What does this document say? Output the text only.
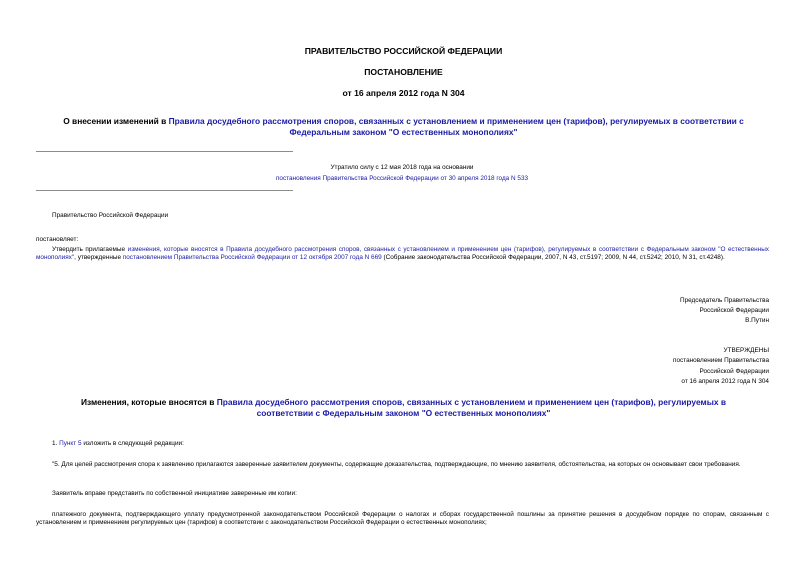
ПРАВИТЕЛЬСТВО РОССИЙСКОЙ ФЕДЕРАЦИИ
ПОСТАНОВЛЕНИЕ
от 16 апреля 2012 года N 304
О внесении изменений в Правила досудебного рассмотрения споров, связанных с установлением и применением цен (тарифов), регулируемых в соответствии с Федеральным законом "О естественных монополиях"
Утратило силу с 12 мая 2018 года на основании
постановления Правительства Российской Федерации от 30 апреля 2018 года N 533
Правительство Российской Федерации
постановляет:
Утвердить прилагаемые изменения, которые вносятся в Правила досудебного рассмотрения споров, связанных с установлением и применением цен (тарифов), регулируемых в соответствии с Федеральным законом "О естественных монополиях", утвержденные постановлением Правительства Российской Федерации от 12 октября 2007 года N 669 (Собрание законодательства Российской Федерации, 2007, N 43, ст.5197; 2009, N 44, ст.5242; 2010, N 31, ст.4248).
Председатель Правительства
Российской Федерации
В.Путин
УТВЕРЖДЕНЫ
постановлением Правительства
Российской Федерации
от 16 апреля 2012 года N 304
Изменения, которые вносятся в Правила досудебного рассмотрения споров, связанных с установлением и применением цен (тарифов), регулируемых в соответствии с Федеральным законом "О естественных монополиях"
1. Пункт 5 изложить в следующей редакции:
"5. Для целей рассмотрения спора к заявлению прилагаются заверенные заявителем документы, содержащие доказательства, подтверждающие, по мнению заявителя, обстоятельства, на которых он основывает свои требования.
Заявитель вправе представить по собственной инициативе заверенные им копии:
платежного документа, подтверждающего уплату предусмотренной законодательством Российской Федерации о налогах и сборах государственной пошлины за принятие решения в досудебном порядке по спорам, связанным с установлением и применением регулируемых цен (тарифов) в соответствии с законодательством Российской Федерации о естественных монополиях;
